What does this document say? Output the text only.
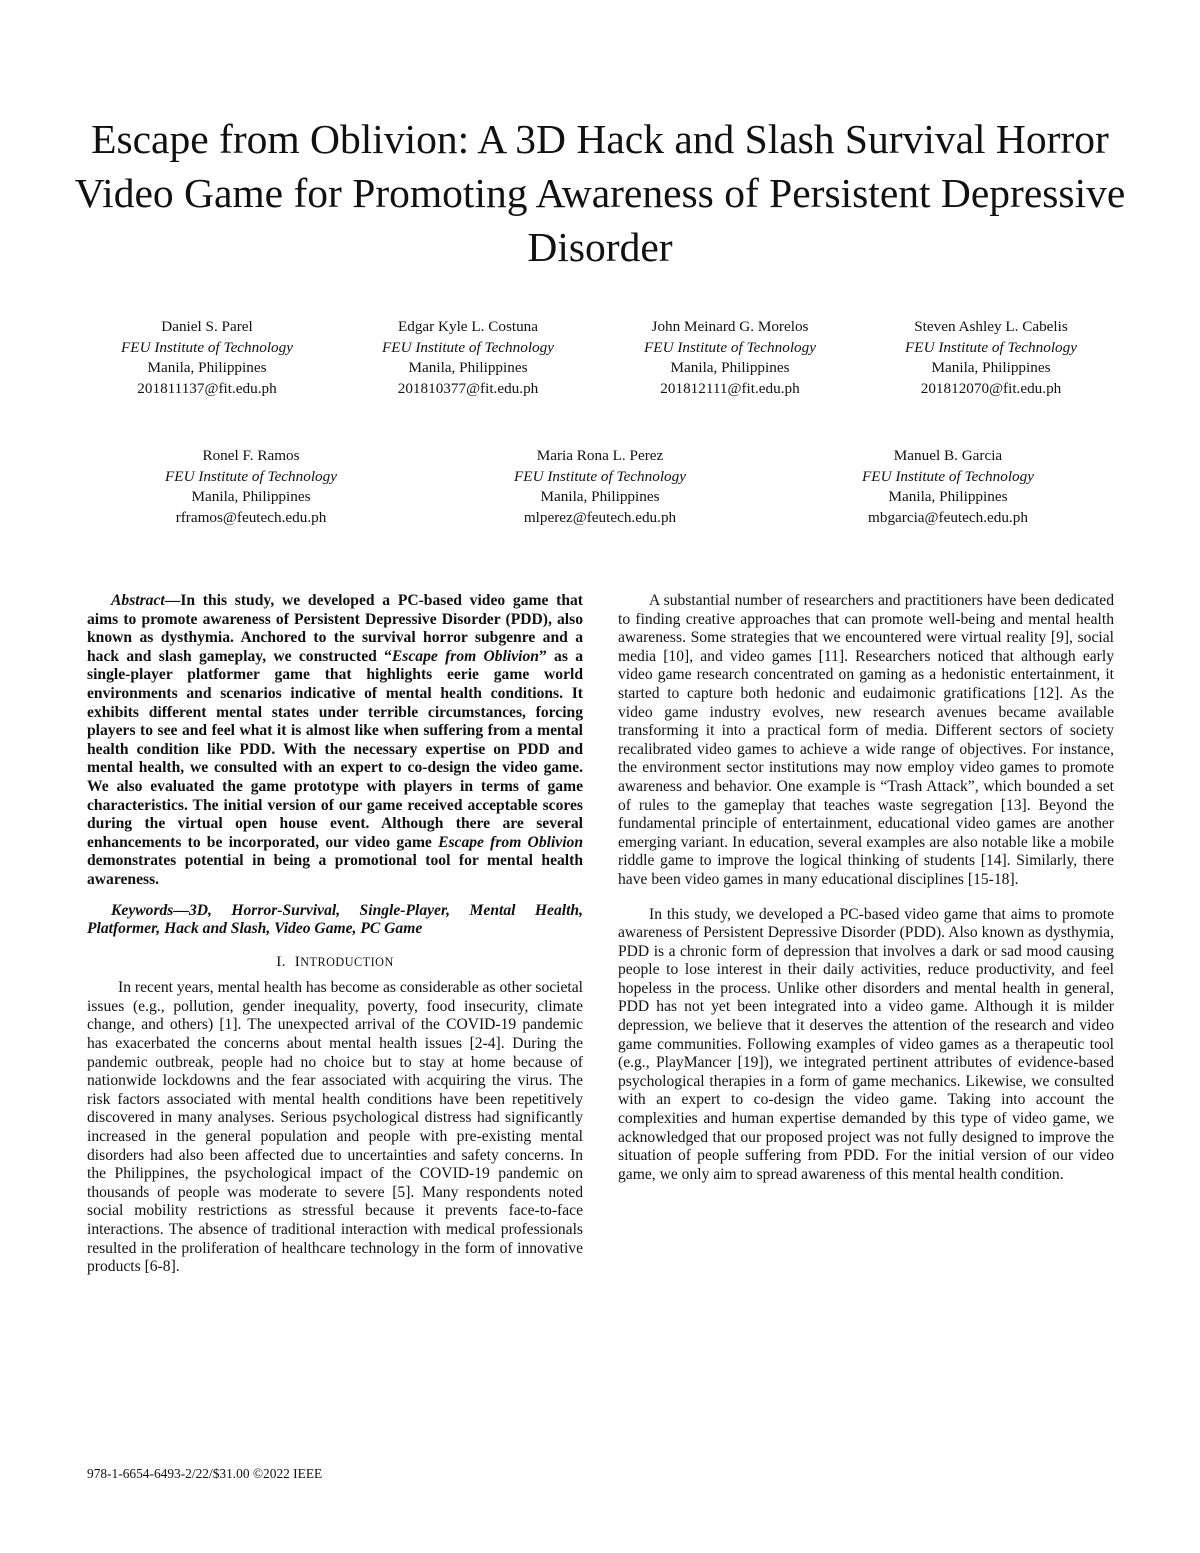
Escape from Oblivion: A 3D Hack and Slash Survival Horror Video Game for Promoting Awareness of Persistent Depressive Disorder
Daniel S. Parel
FEU Institute of Technology
Manila, Philippines
201811137@fit.edu.ph
Edgar Kyle L. Costuna
FEU Institute of Technology
Manila, Philippines
201810377@fit.edu.ph
John Meinard G. Morelos
FEU Institute of Technology
Manila, Philippines
201812111@fit.edu.ph
Steven Ashley L. Cabelis
FEU Institute of Technology
Manila, Philippines
201812070@fit.edu.ph
Ronel F. Ramos
FEU Institute of Technology
Manila, Philippines
rframos@feutech.edu.ph
Maria Rona L. Perez
FEU Institute of Technology
Manila, Philippines
mlperez@feutech.edu.ph
Manuel B. Garcia
FEU Institute of Technology
Manila, Philippines
mbgarcia@feutech.edu.ph

Abstract—In this study, we developed a PC-based video game that aims to promote awareness of Persistent Depressive Disorder (PDD), also known as dysthymia. Anchored to the survival horror subgenre and a hack and slash gameplay, we constructed “Escape from Oblivion” as a single-player platformer game that highlights eerie game world environments and scenarios indicative of mental health conditions. It exhibits different mental states under terrible circumstances, forcing players to see and feel what it is almost like when suffering from a mental health condition like PDD. With the necessary expertise on PDD and mental health, we consulted with an expert to co-design the video game. We also evaluated the game prototype with players in terms of game characteristics. The initial version of our game received acceptable scores during the virtual open house event. Although there are several enhancements to be incorporated, our video game Escape from Oblivion demonstrates potential in being a promotional tool for mental health awareness.

Keywords—3D, Horror-Survival, Single-Player, Mental Health, Platformer, Hack and Slash, Video Game, PC Game

I. INTRODUCTION

In recent years, mental health has become as considerable as other societal issues (e.g., pollution, gender inequality, poverty, food insecurity, climate change, and others) [1]. The unexpected arrival of the COVID-19 pandemic has exacerbated the concerns about mental health issues [2-4]. During the pandemic outbreak, people had no choice but to stay at home because of nationwide lockdowns and the fear associated with acquiring the virus. The risk factors associated with mental health conditions have been repetitively discovered in many analyses. Serious psychological distress had significantly increased in the general population and people with pre-existing mental disorders had also been affected due to uncertainties and safety concerns. In the Philippines, the psychological impact of the COVID-19 pandemic on thousands of people was moderate to severe [5]. Many respondents noted social mobility restrictions as stressful because it prevents face-to-face interactions. The absence of traditional interaction with medical professionals resulted in the proliferation of healthcare technology in the form of innovative products [6-8].

A substantial number of researchers and practitioners have been dedicated to finding creative approaches that can promote well-being and mental health awareness. Some strategies that we encountered were virtual reality [9], social media [10], and video games [11]. Researchers noticed that although early video game research concentrated on gaming as a hedonistic entertainment, it started to capture both hedonic and eudaimonic gratifications [12]. As the video game industry evolves, new research avenues became available transforming it into a practical form of media. Different sectors of society recalibrated video games to achieve a wide range of objectives. For instance, the environment sector institutions may now employ video games to promote awareness and behavior. One example is “Trash Attack”, which bounded a set of rules to the gameplay that teaches waste segregation [13]. Beyond the fundamental principle of entertainment, educational video games are another emerging variant. In education, several examples are also notable like a mobile riddle game to improve the logical thinking of students [14]. Similarly, there have been video games in many educational disciplines [15-18].

In this study, we developed a PC-based video game that aims to promote awareness of Persistent Depressive Disorder (PDD). Also known as dysthymia, PDD is a chronic form of depression that involves a dark or sad mood causing people to lose interest in their daily activities, reduce productivity, and feel hopeless in the process. Unlike other disorders and mental health in general, PDD has not yet been integrated into a video game. Although it is milder depression, we believe that it deserves the attention of the research and video game communities. Following examples of video games as a therapeutic tool (e.g., PlayMancer [19]), we integrated pertinent attributes of evidence-based psychological therapies in a form of game mechanics. Likewise, we consulted with an expert to co-design the video game. Taking into account the complexities and human expertise demanded by this type of video game, we acknowledged that our proposed project was not fully designed to improve the situation of people suffering from PDD. For the initial version of our video game, we only aim to spread awareness of this mental health condition.

978-1-6654-6493-2/22/$31.00 ©2022 IEEE
